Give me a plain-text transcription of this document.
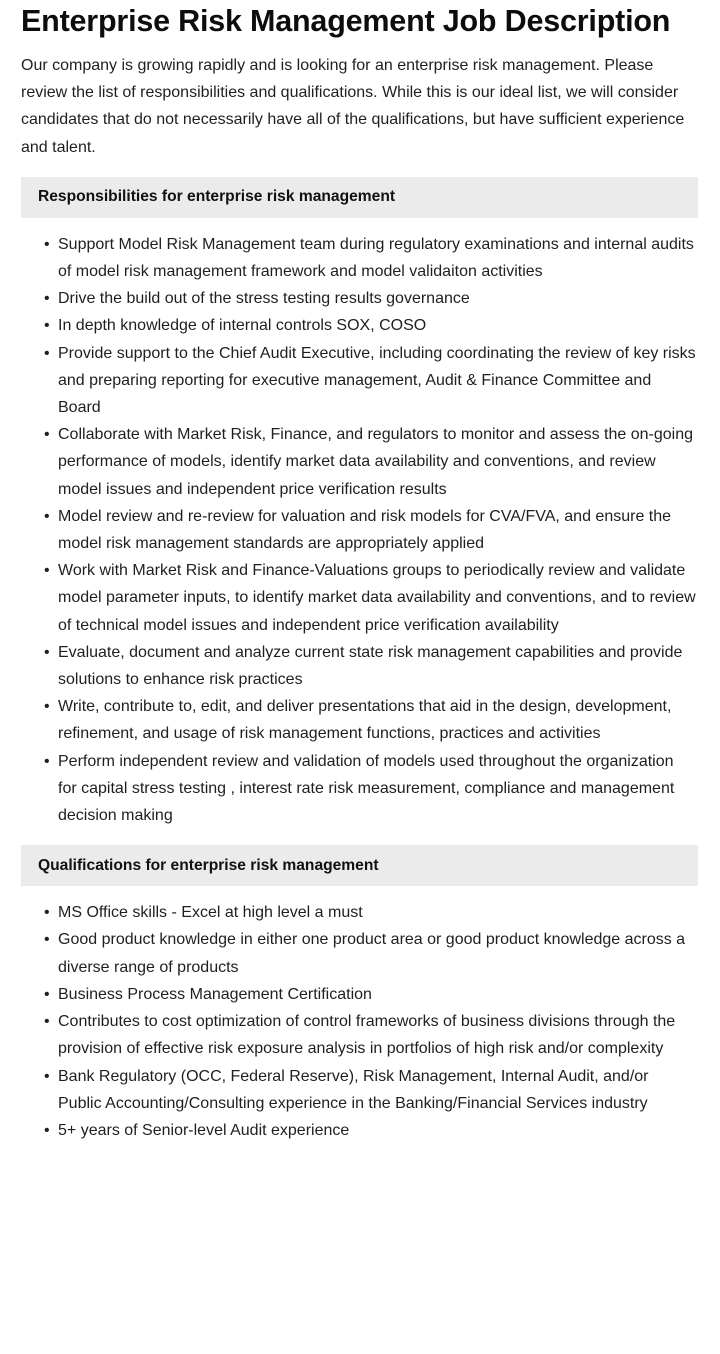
Enterprise Risk Management Job Description

Our company is growing rapidly and is looking for an enterprise risk management. Please review the list of responsibilities and qualifications. While this is our ideal list, we will consider candidates that do not necessarily have all of the qualifications, but have sufficient experience and talent.

Responsibilities for enterprise risk management
• Support Model Risk Management team during regulatory examinations and internal audits of model risk management framework and model validaiton activities
• Drive the build out of the stress testing results governance
• In depth knowledge of internal controls SOX, COSO
• Provide support to the Chief Audit Executive, including coordinating the review of key risks and preparing reporting for executive management, Audit & Finance Committee and Board
• Collaborate with Market Risk, Finance, and regulators to monitor and assess the on-going performance of models, identify market data availability and conventions, and review model issues and independent price verification results
• Model review and re-review for valuation and risk models for CVA/FVA, and ensure the model risk management standards are appropriately applied
• Work with Market Risk and Finance-Valuations groups to periodically review and validate model parameter inputs, to identify market data availability and conventions, and to review of technical model issues and independent price verification availability
• Evaluate, document and analyze current state risk management capabilities and provide solutions to enhance risk practices
• Write, contribute to, edit, and deliver presentations that aid in the design, development, refinement, and usage of risk management functions, practices and activities
• Perform independent review and validation of models used throughout the organization for capital stress testing , interest rate risk measurement, compliance and management decision making
Qualifications for enterprise risk management
• MS Office skills - Excel at high level a must
• Good product knowledge in either one product area or good product knowledge across a diverse range of products
• Business Process Management Certification
• Contributes to cost optimization of control frameworks of business divisions through the provision of effective risk exposure analysis in portfolios of high risk and/or complexity
• Bank Regulatory (OCC, Federal Reserve), Risk Management, Internal Audit, and/or Public Accounting/Consulting experience in the Banking/Financial Services industry
• 5+ years of Senior-level Audit experience
